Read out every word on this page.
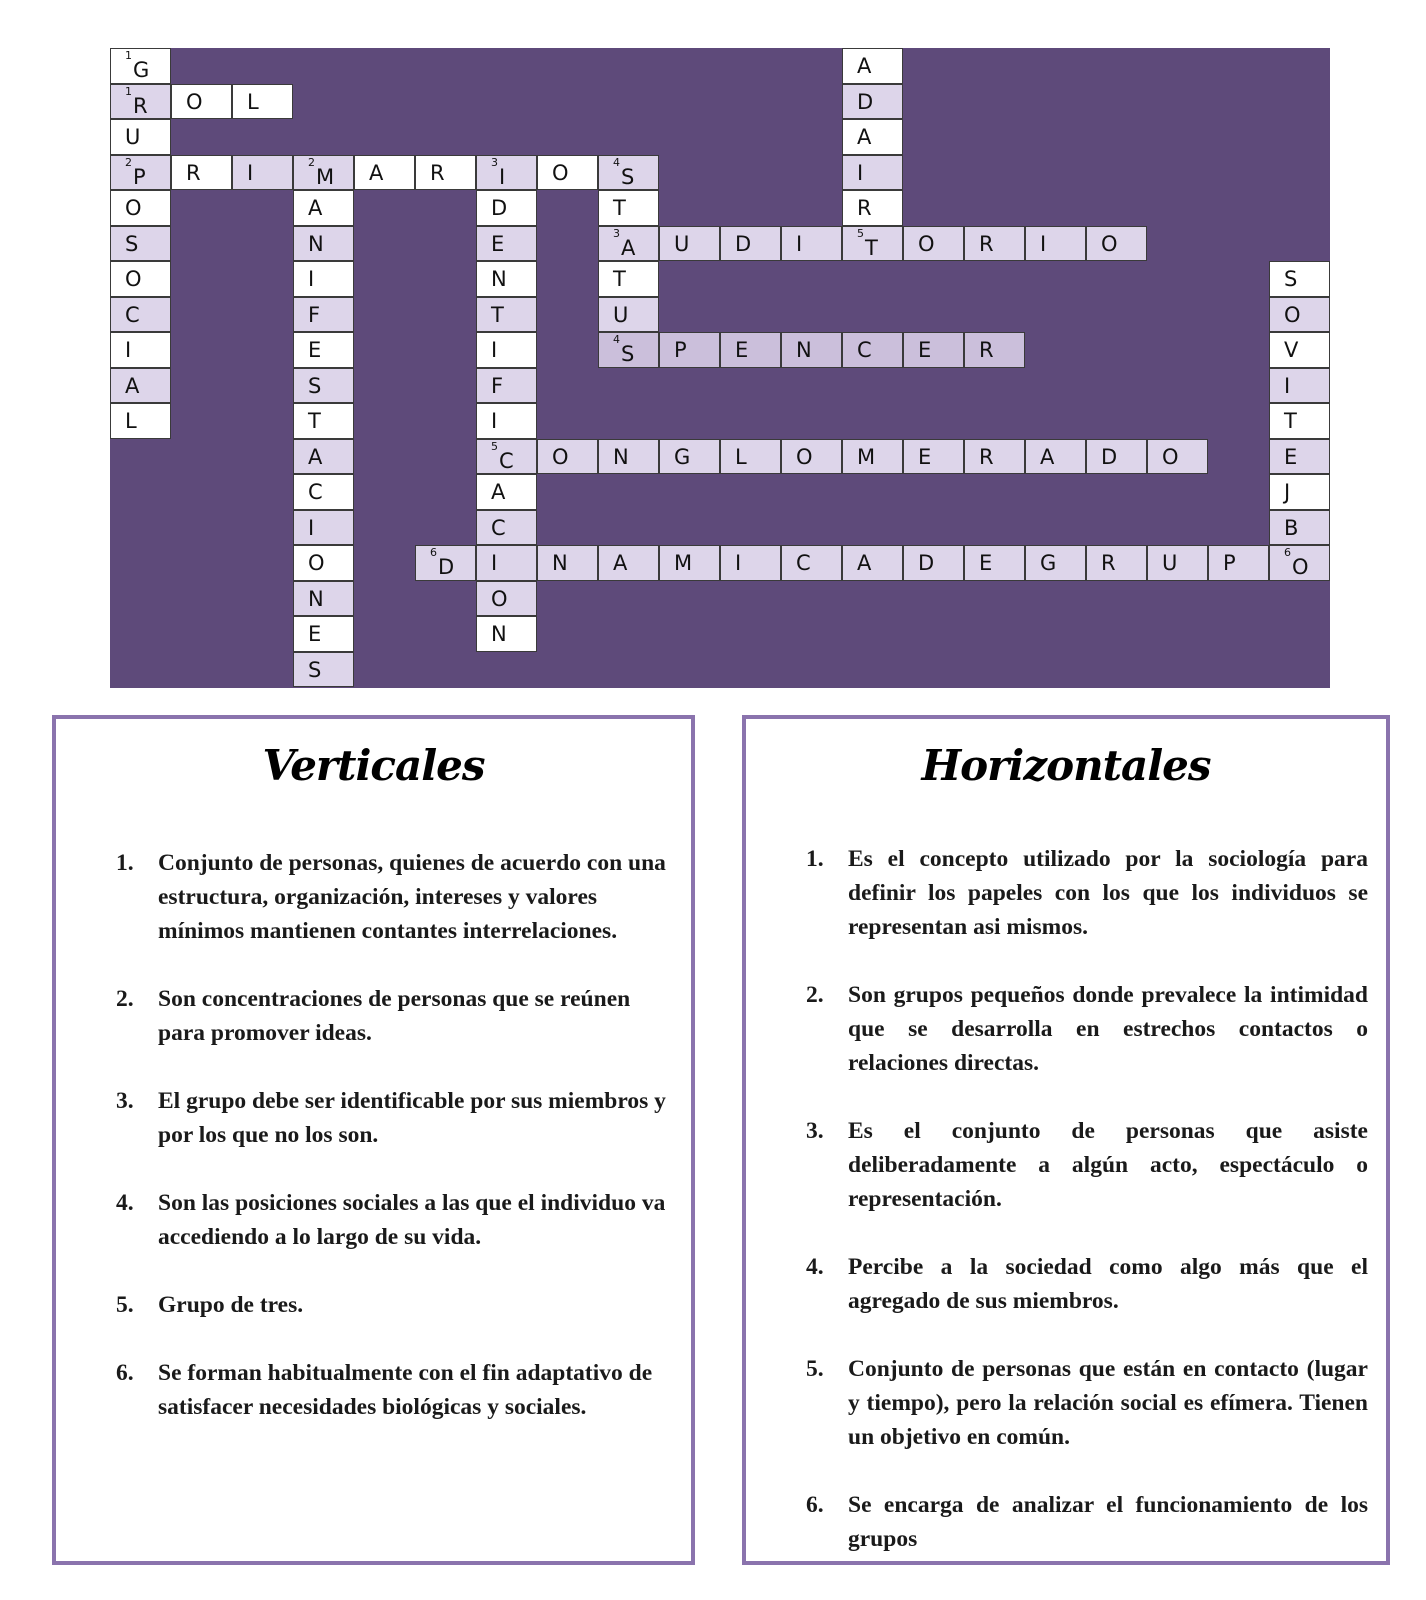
$^1$G
$^1$R	O	L
U
$^2$P	R	I	$^2$M	A	R	$^3$I	O	$^4$S
O
S
O
C
I
A
L
A
N
I
F
E
S
T
A
C
I
O
N
E
S
D
E
N
T
I
F
I
$^5$C
A
C
I
O
N
T
$^3$A
T
U
$^4$S
U	D	I	$^5$T	O	R	I	O
A
D
A
I
R
P	E	N	C	E	R
O	N	G	L	O	M	E	R	A	D	O
$^6$D	N	A	M	I	C	A	D	E	G	R	U	P	$^6$O
S
O
V
I
T
E
J
B
Verticales
1. Conjunto de personas, quienes de acuerdo con una estructura, organización, intereses y valores mínimos mantienen contantes interrelaciones.
2. Son concentraciones de personas que se reúnen para promover ideas.
3. El grupo debe ser identificable por sus miembros y por los que no los son.
4. Son las posiciones sociales a las que el individuo va accediendo a lo largo de su vida.
5. Grupo de tres.
6. Se forman habitualmente con el fin adaptativo de satisfacer necesidades biológicas y sociales.
Horizontales
1. Es el concepto utilizado por la sociología para definir los papeles con los que los individuos se representan asi mismos.
2. Son grupos pequeños donde prevalece la intimidad que se desarrolla en estrechos contactos o relaciones directas.
3. Es el conjunto de personas que asiste deliberadamente a algún acto, espectáculo o representación.
4. Percibe a la sociedad como algo más que el agregado de sus miembros.
5. Conjunto de personas que están en contacto (lugar y tiempo), pero la relación social es efímera. Tienen un objetivo en común.
6. Se encarga de analizar el funcionamiento de los grupos
